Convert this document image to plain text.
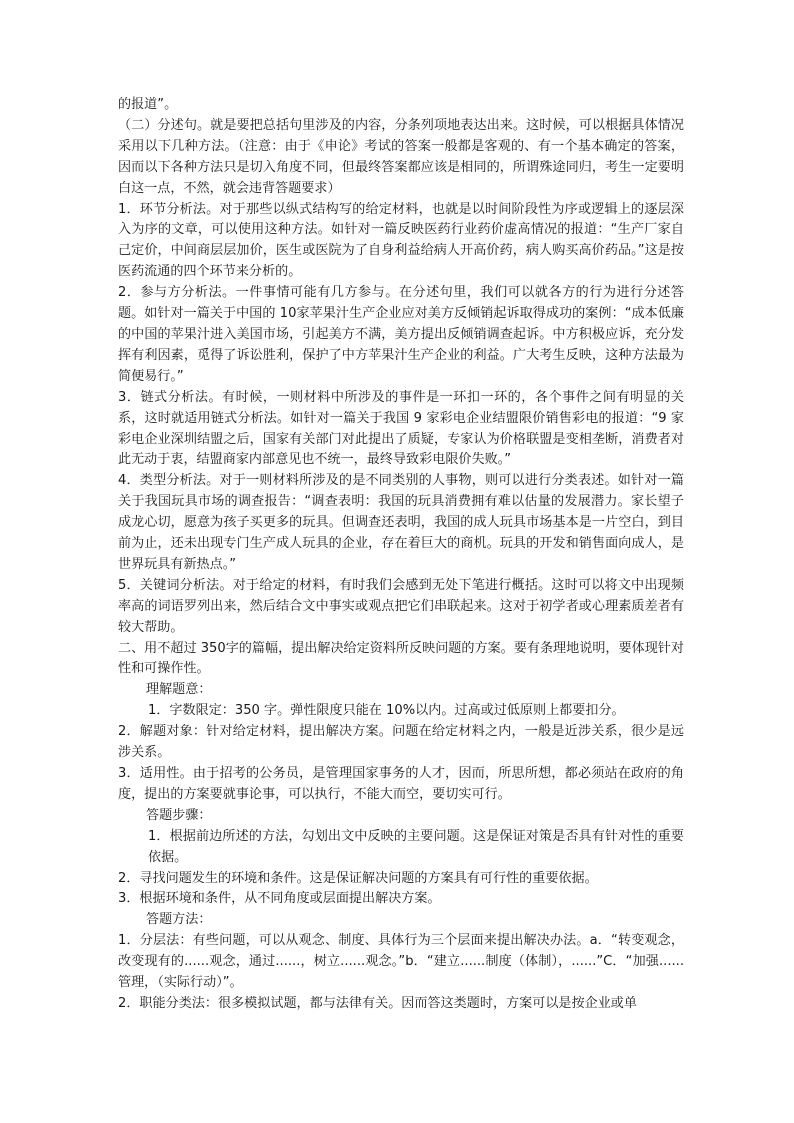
的报道”。

（二）分述句。就是要把总括句里涉及的内容，分条列项地表达出来。这时候，可以根据具体情况采用以下几种方法。（注意：由于《申论》考试的答案一般都是客观的、有一个基本确定的答案，因而以下各种方法只是切入角度不同，但最终答案都应该是相同的，所谓殊途同归，考生一定要明白这一点，不然，就会违背答题要求）

1．环节分析法。对于那些以纵式结构写的给定材料，也就是以时间阶段性为序或逻辑上的逐层深入为序的文章，可以使用这种方法。如针对一篇反映医药行业药价虚高情况的报道：“生产厂家自己定价，中间商层层加价，医生或医院为了自身利益给病人开高价药，病人购买高价药品。”这是按医药流通的四个环节来分析的。

2．参与方分析法。一件事情可能有几方参与。在分述句里，我们可以就各方的行为进行分述答题。如针对一篇关于中国的 10家苹果汁生产企业应对美方反倾销起诉取得成功的案例：“成本低廉的中国的苹果汁进入美国市场，引起美方不满，美方提出反倾销调查起诉。中方积极应诉，充分发挥有利因素，觅得了诉讼胜利，保护了中方苹果汁生产企业的利益。广大考生反映，这种方法最为简便易行。”

3．链式分析法。有时候，一则材料中所涉及的事件是一环扣一环的，各个事件之间有明显的关系，这时就适用链式分析法。如针对一篇关于我国 9 家彩电企业结盟限价销售彩电的报道：“9 家彩电企业深圳结盟之后，国家有关部门对此提出了质疑，专家认为价格联盟是变相垄断，消费者对此无动于衷，结盟商家内部意见也不统一，最终导致彩电限价失败。”

4．类型分析法。对于一则材料所涉及的是不同类别的人事物，则可以进行分类表述。如针对一篇关于我国玩具市场的调查报告：“调查表明：我国的玩具消费拥有难以估量的发展潜力。家长望子成龙心切，愿意为孩子买更多的玩具。但调查还表明，我国的成人玩具市场基本是一片空白，到目前为止，还未出现专门生产成人玩具的企业，存在着巨大的商机。玩具的开发和销售面向成人，是世界玩具有新热点。”

5．关键词分析法。对于给定的材料，有时我们会感到无处下笔进行概括。这时可以将文中出现频率高的词语罗列出来，然后结合文中事实或观点把它们串联起来。这对于初学者或心理素质差者有较大帮助。

二、用不超过 350字的篇幅，提出解决给定资料所反映问题的方案。要有条理地说明，要体现针对性和可操作性。

理解题意：

1．字数限定：350 字。弹性限度只能在 10%以内。过高或过低原则上都要扣分。

2．解题对象：针对给定材料，提出解决方案。问题在给定材料之内，一般是近涉关系，很少是远涉关系。

3．适用性。由于招考的公务员，是管理国家事务的人才，因而，所思所想，都必须站在政府的角度，提出的方案要就事论事，可以执行，不能大而空，要切实可行。

答题步骤：

1．根据前边所述的方法，勾划出文中反映的主要问题。这是保证对策是否具有针对性的重要依据。

2．寻找问题发生的环境和条件。这是保证解决问题的方案具有可行性的重要依据。

3．根据环境和条件，从不同角度或层面提出解决方案。

答题方法：

1．分层法：有些问题，可以从观念、制度、具体行为三个层面来提出解决办法。a．“转变观念，改变现有的......观念，通过......，树立......观念。”b．“建立......制度（体制），......”C．“加强......管理，（实际行动）”。

2．职能分类法：很多模拟试题，都与法律有关。因而答这类题时，方案可以是按企业或单
